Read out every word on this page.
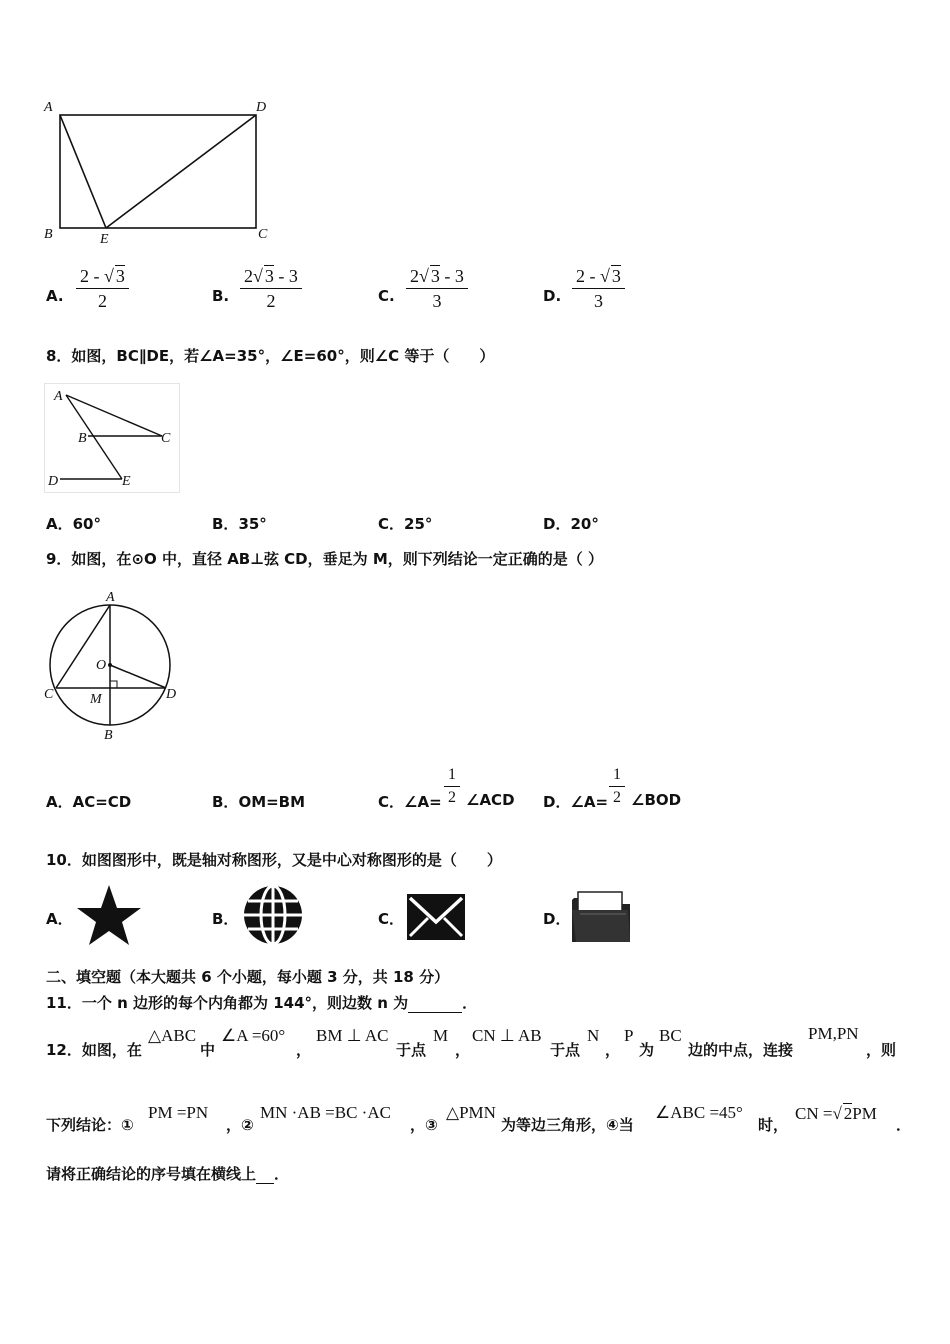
A	D
B	E	C
A.
2 - √ 3
2	B.
2√ 3 - 3
2	C.
2√ 3 - 3
3	D.
2 - √ 3
3
8．如图，BC∥DE，若∠A=35°，∠E=60°，则∠C 等于（　　）
A
B	C
D	E
A．60°	B．35°	C．25°	D．20°
9．如图，在⊙O 中，直径 AB⊥弦 CD，垂足为 M，则下列结论一定正确的是（ ）
A
O
C	M	D
B
A．AC=CD	B．OM=BM	C．∠A=
1
2 ∠ACD D．∠A=
1
2 ∠BOD
10．如图图形中，既是轴对称图形，又是中心对称图形的是（　　）
A．	B．	C．	D．
二、填空题（本大题共 6 个小题，每小题 3 分，共 18 分）
11．一个 n 边形的每个内角都为 144°，则边数 n 为	．
12．如图，在
△ABC
中
∠A =60°
，
BM ⊥ AC
于点
M
，
CN ⊥ AB
于点
N
，
P
为
BC
边的中点，连接
PM,PN
，则
下列结论：①
PM =PN
，②
MN ·AB =BC ·AC
，③
△PMN
为等边三角形，④当
∠ABC =45°
时，
CN =√ 2PM
．
请将正确结论的序号填在横线上 ．
